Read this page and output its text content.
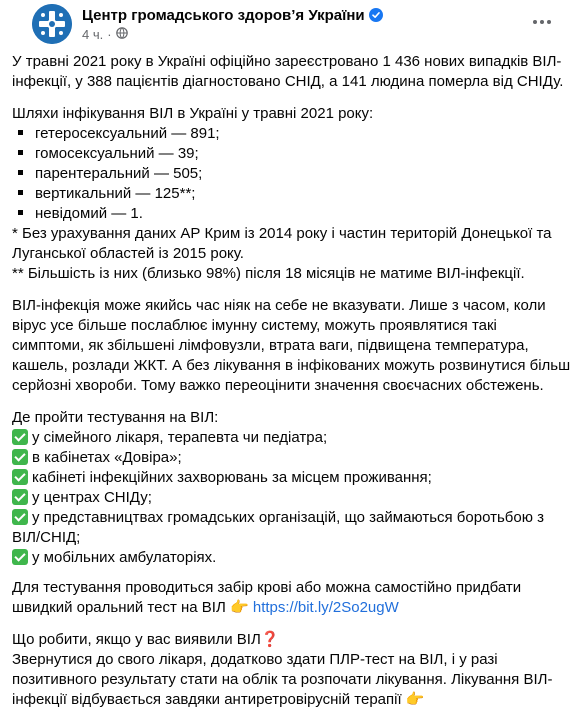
Центр громадського здоров’я України
4 ч. ·

У травні 2021 року в Україні офіційно зареєстровано 1 436 нових випадків ВІЛ-інфекції, у 388 пацієнтів діагностовано СНІД, а 141 людина померла від СНІДу.

Шляхи інфікування ВІЛ в Україні у травні 2021 року:

гетеросексуальний — 891;
гомосексуальний — 39;
парентеральний — 505;
вертикальний — 125**;
невідомий — 1.

* Без урахування даних АР Крим із 2014 року і частин територій Донецької та Луганської областей із 2015 року.

** Більшість із них (близько 98%) після 18 місяців не матиме ВІЛ-інфекції.

ВІЛ-інфекція може якийсь час ніяк на себе не вказувати. Лише з часом, коли вірус усе більше послаблює імунну систему, можуть проявлятися такі симптоми, як збільшені лімфовузли, втрата ваги, підвищена температура, кашель, розлади ЖКТ. А без лікування в інфікованих можуть розвинутися більш серйозні хвороби. Тому важко переоцінити значення своєчасних обстежень.

Де пройти тестування на ВІЛ:

у сімейного лікаря, терапевта чи педіатра;

в кабінетах «Довіра»;

кабінеті інфекційних захворювань за місцем проживання;

у центрах СНІДу;

у представництвах громадських організацій, що займаються боротьбою з ВІЛ/СНІД;

у мобільних амбулаторіях.

Для тестування проводиться забір крові або можна самостійно придбати швидкий оральний тест на ВІЛ 👉 https://bit.ly/2So2ugW

Що робити, якщо у вас виявили ВІЛ❓

Звернутися до свого лікаря, додатково здати ПЛР-тест на ВІЛ, і у разі позитивного результату стати на облік та розпочати лікування. Лікування ВІЛ-інфекції відбувається завдяки антиретровірусній терапії 👉
